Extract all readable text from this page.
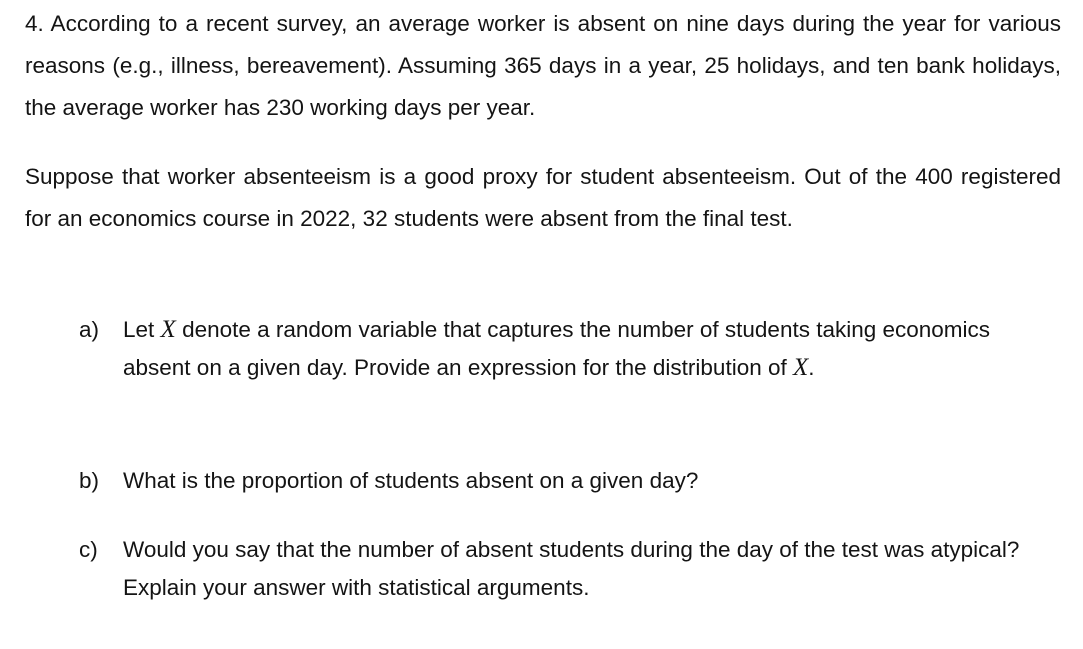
4. According to a recent survey, an average worker is absent on nine days during the year for various reasons (e.g., illness, bereavement). Assuming 365 days in a year, 25 holidays, and ten bank holidays, the average worker has 230 working days per year.

Suppose that worker absenteeism is a good proxy for student absenteeism. Out of the 400 registered for an economics course in 2022, 32 students were absent from the final test.

a)	Let X denote a random variable that captures the number of students taking economics absent on a given day. Provide an expression for the distribution of X.
b)	What is the proportion of students absent on a given day?
c)	Would you say that the number of absent students during the day of the test was atypical? Explain your answer with statistical arguments.
